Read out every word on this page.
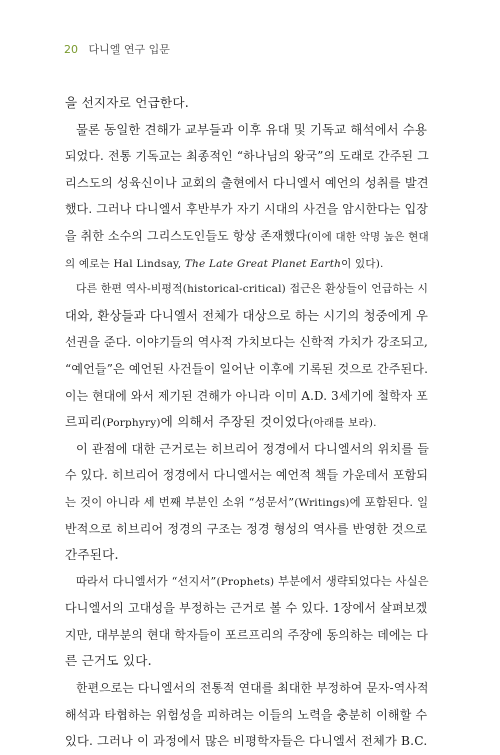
20 다니엘 연구 입문
을 선지자로 언급한다.
물론 동일한 견해가 교부들과 이후 유대 및 기독교 해석에서 수용
되었다. 전통 기독교는 최종적인 “하나님의 왕국”의 도래로 간주된 그
리스도의 성육신이나 교회의 출현에서 다니엘서 예언의 성취를 발견
했다. 그러나 다니엘서 후반부가 자기 시대의 사건을 암시한다는 입장
을 취한 소수의 그리스도인들도 항상 존재했다(이에 대한 악명 높은 현대
의 예로는 Hal Lindsay, The Late Great Planet Earth이 있다).
다른 한편 역사-비평적(historical-critical) 접근은 환상들이 언급하는 시
대와, 환상들과 다니엘서 전체가 대상으로 하는 시기의 청중에게 우
선권을 준다. 이야기들의 역사적 가치보다는 신학적 가치가 강조되고,
“예언들”은 예언된 사건들이 일어난 이후에 기록된 것으로 간주된다.
이는 현대에 와서 제기된 견해가 아니라 이미 A.D. 3세기에 철학자 포
르피리(Porphyry)에 의해서 주장된 것이었다(아래를 보라).
이 관점에 대한 근거로는 히브리어 정경에서 다니엘서의 위치를 들
수 있다. 히브리어 정경에서 다니엘서는 예언적 책들 가운데서 포함되
는 것이 아니라 세 번째 부분인 소위 “성문서”(Writings)에 포함된다. 일
반적으로 히브리어 정경의 구조는 정경 형성의 역사를 반영한 것으로
간주된다.
따라서 다니엘서가 “선지서”(Prophets) 부분에서 생략되었다는 사실은
다니엘서의 고대성을 부정하는 근거로 볼 수 있다. 1장에서 살펴보겠
지만, 대부분의 현대 학자들이 포르프리의 주장에 동의하는 데에는 다
른 근거도 있다.
한편으로는 다니엘서의 전통적 연대를 최대한 부정하여 문자-역사적
해석과 타협하는 위험성을 피하려는 이들의 노력을 충분히 이해할 수
있다. 그러나 이 과정에서 많은 비평학자들은 다니엘서 전체가 B.C.
